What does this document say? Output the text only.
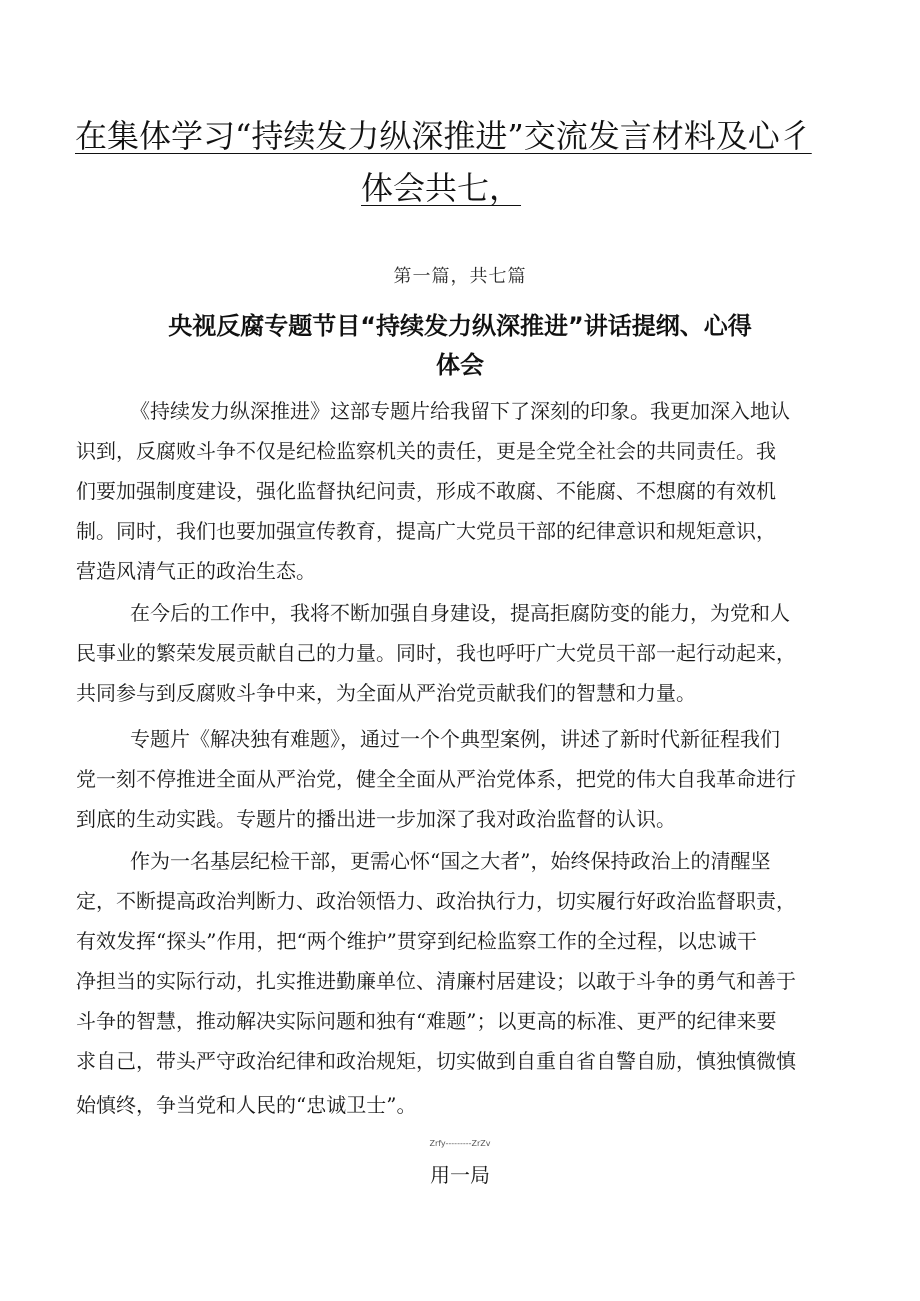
在集体学习“持续发力纵深推进”交流发言材料及心彳
体会共七，
第一篇，共七篇
央视反腐专题节目“持续发力纵深推进”讲话提纲、心得
体会
《持续发力纵深推进》这部专题片给我留下了深刻的印象。我更加深入地认
识到，反腐败斗争不仅是纪检监察机关的责任，更是全党全社会的共同责任。我
们要加强制度建设，强化监督执纪问责，形成不敢腐、不能腐、不想腐的有效机
制。同时，我们也要加强宣传教育，提高广大党员干部的纪律意识和规矩意识，
营造风清气正的政治生态。
在今后的工作中，我将不断加强自身建设，提高拒腐防变的能力，为党和人
民事业的繁荣发展贡献自己的力量。同时，我也呼吁广大党员干部一起行动起来，
共同参与到反腐败斗争中来，为全面从严治党贡献我们的智慧和力量。
专题片《解决独有难题》，通过一个个典型案例，讲述了新时代新征程我们
党一刻不停推进全面从严治党，健全全面从严治党体系，把党的伟大自我革命进行
到底的生动实践。专题片的播出进一步加深了我对政治监督的认识。
作为一名基层纪检干部，更需心怀“国之大者”，始终保持政治上的清醒坚
定，不断提高政治判断力、政治领悟力、政治执行力，切实履行好政治监督职责，
有效发挥“探头”作用，把“两个维护”贯穿到纪检监察工作的全过程，以忠诚干
净担当的实际行动，扎实推进勤廉单位、清廉村居建设；以敢于斗争的勇气和善于
斗争的智慧，推动解决实际问题和独有“难题”；以更高的标准、更严的纪律来要
求自己，带头严守政治纪律和政治规矩，切实做到自重自省自警自励，慎独慎微慎
始慎终，争当党和人民的“忠诚卫士”。
Zrfy---------ZrZv
用一局
